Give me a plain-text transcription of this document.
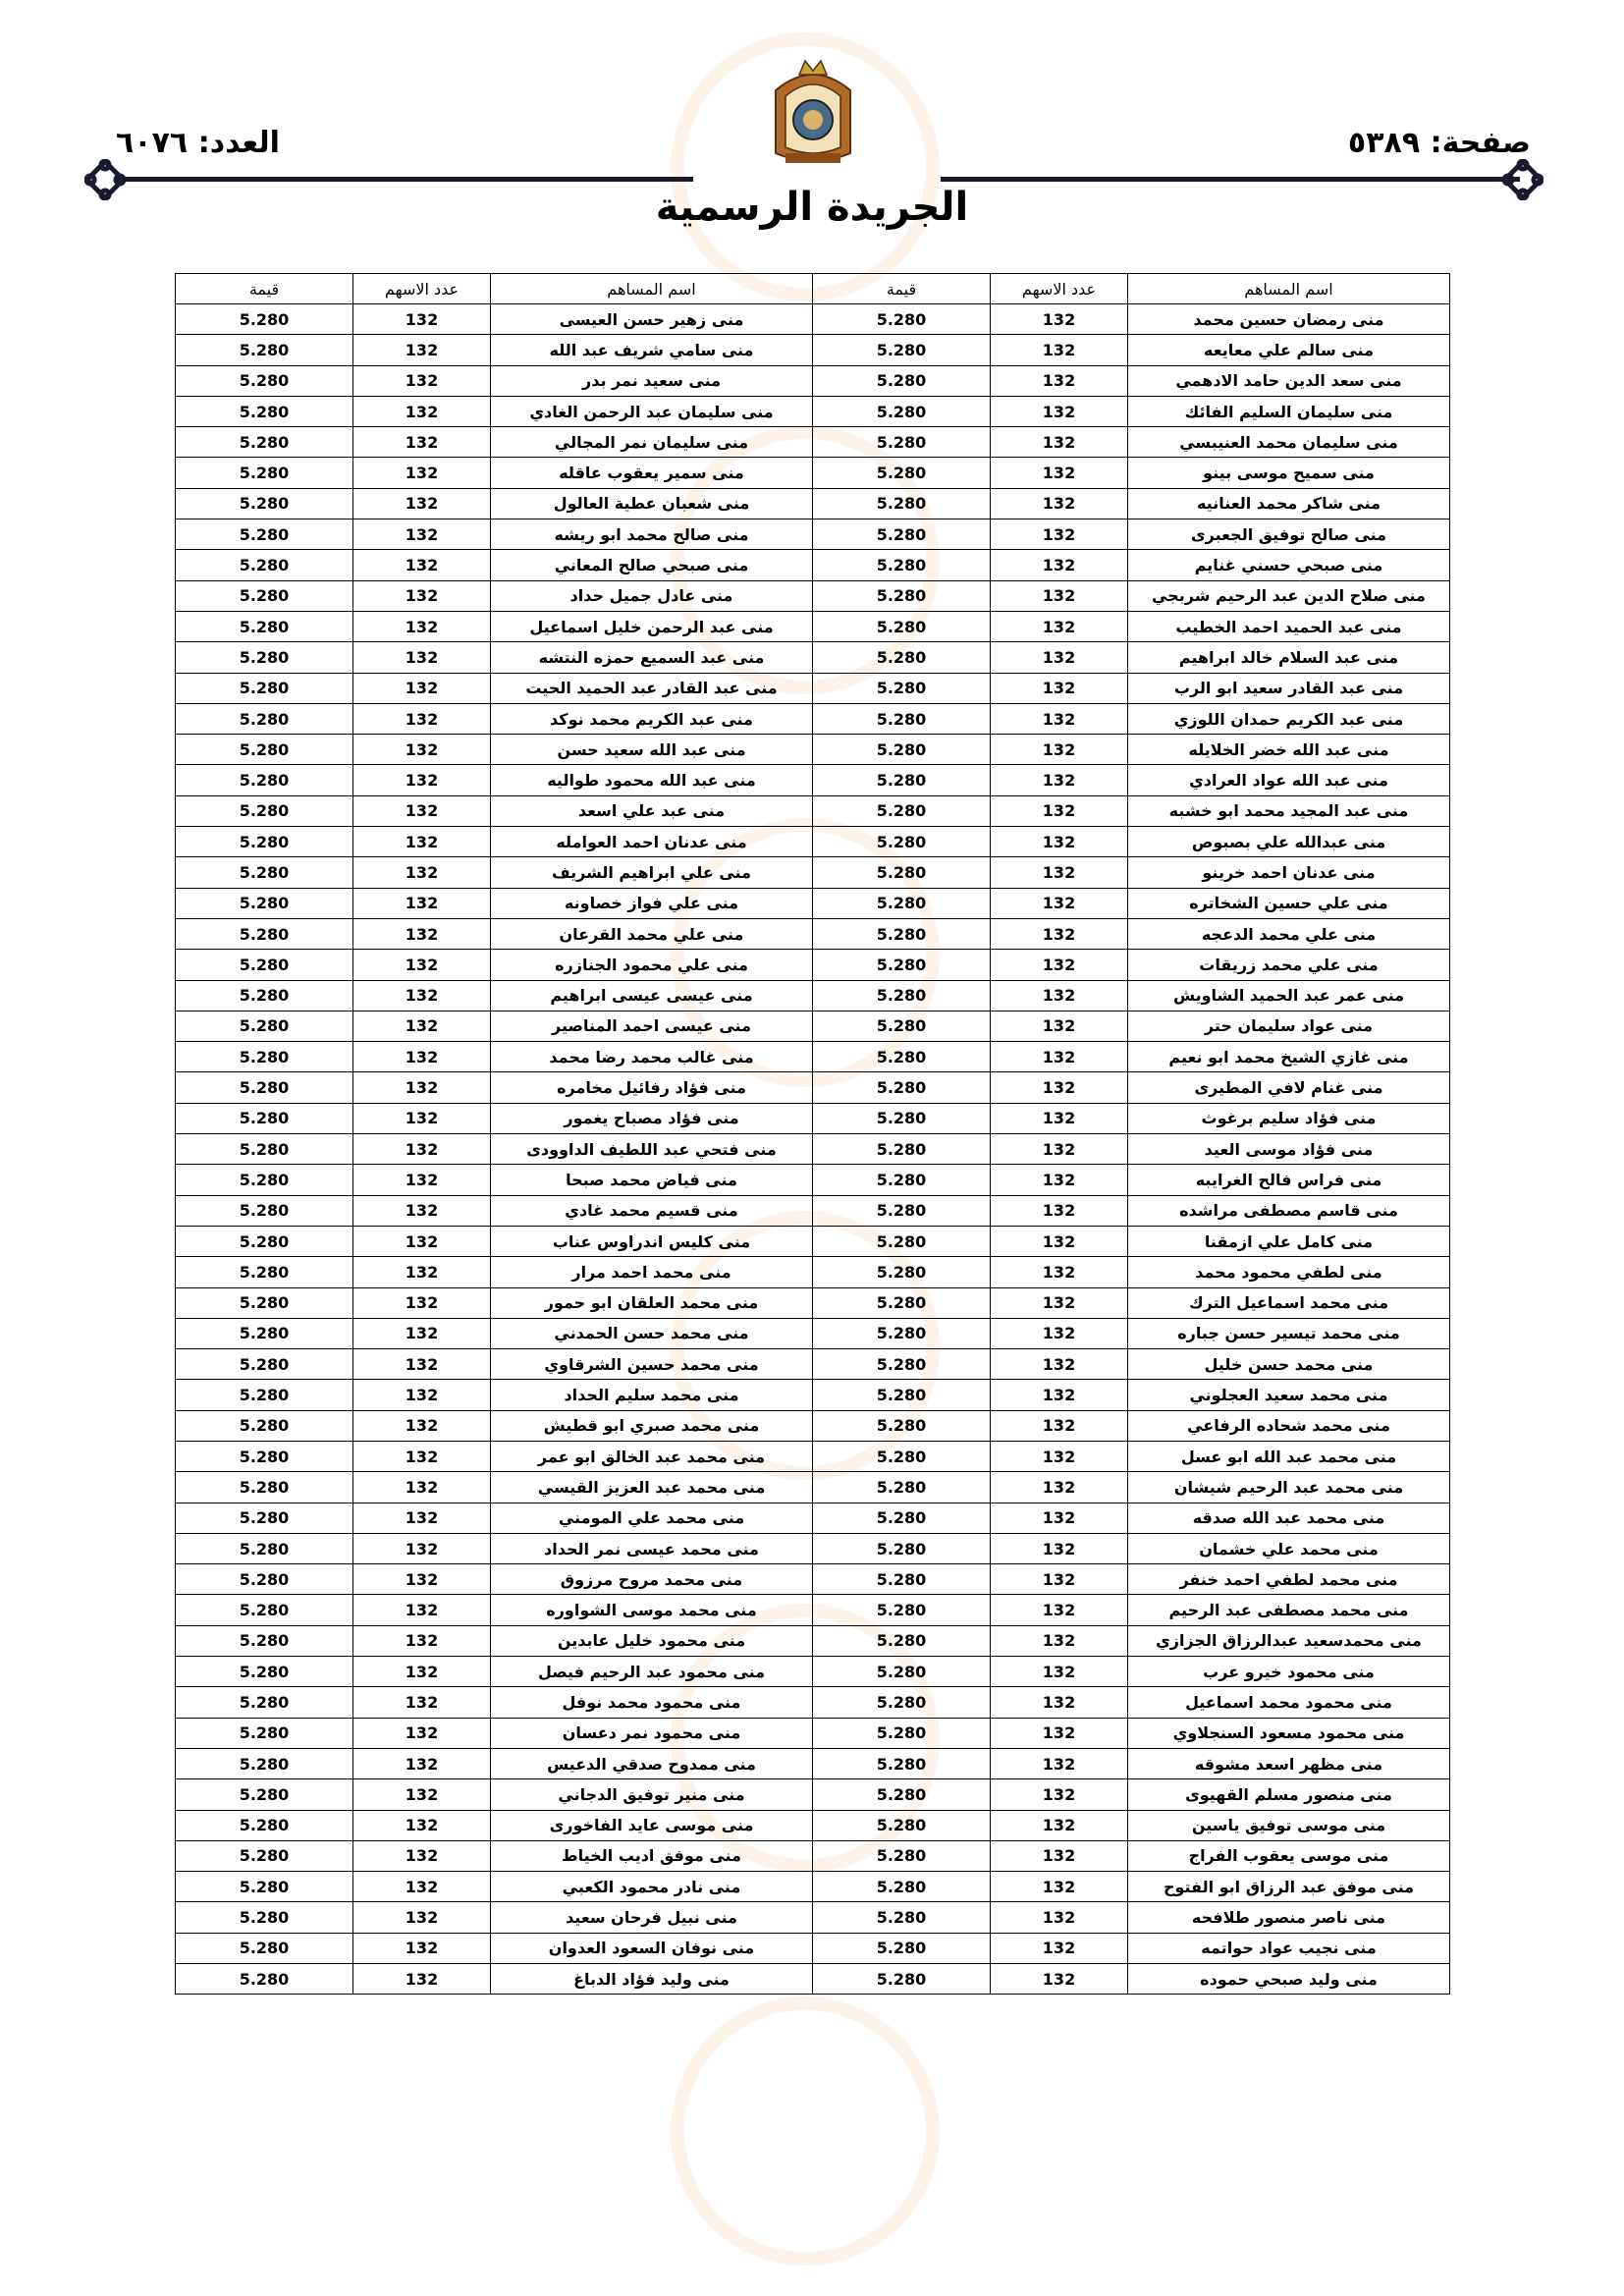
صفحة: ٥٣٨٩
العدد: ٦٠٧٦
الجريدة الرسمية
اسم المساهم	عدد الاسهم	قيمة	اسم المساهم	عدد الاسهم	قيمة
منى رمضان حسين محمد	132	5.280	منى زهير حسن العيسى	132	5.280
منى سالم علي معايعه	132	5.280	منى سامي شريف عبد الله	132	5.280
منى سعد الدين حامد الادهمي	132	5.280	منى سعيد نمر بدر	132	5.280
منى سليمان السليم الفائك	132	5.280	منى سليمان عبد الرحمن الغادي	132	5.280
منى سليمان محمد العنيبسي	132	5.280	منى سليمان نمر المجالي	132	5.280
منى سميح موسى بينو	132	5.280	منى سمير يعقوب عاقله	132	5.280
منى شاكر محمد العنانيه	132	5.280	منى شعبان عطية العالول	132	5.280
منى صالح توفيق الجعبرى	132	5.280	منى صالح محمد ابو ريشه	132	5.280
منى صبحي حسني غنايم	132	5.280	منى صبحي صالح المعاني	132	5.280
منى صلاح الدين عبد الرحيم شربجي	132	5.280	منى عادل جميل حداد	132	5.280
منى عبد الحميد احمد الخطيب	132	5.280	منى عبد الرحمن خليل اسماعيل	132	5.280
منى عبد السلام خالد ابراهيم	132	5.280	منى عبد السميع حمزه النتشه	132	5.280
منى عبد القادر سعيد ابو الرب	132	5.280	منى عبد القادر عبد الحميد الحيت	132	5.280
منى عبد الكريم حمدان اللوزي	132	5.280	منى عبد الكريم محمد نوكد	132	5.280
منى عبد الله خضر الخلايله	132	5.280	منى عبد الله سعيد حسن	132	5.280
منى عبد الله عواد العرادي	132	5.280	منى عبد الله محمود طواليه	132	5.280
منى عبد المجيد محمد ابو خشبه	132	5.280	منى عبد علي اسعد	132	5.280
منى عبدالله علي بصبوص	132	5.280	منى عدنان احمد العوامله	132	5.280
منى عدنان احمد خرينو	132	5.280	منى علي ابراهيم الشريف	132	5.280
منى علي حسين الشخاتره	132	5.280	منى علي فواز خصاونه	132	5.280
منى علي محمد الدعجه	132	5.280	منى علي محمد القرعان	132	5.280
منى علي محمد زريقات	132	5.280	منى علي محمود الجنازره	132	5.280
منى عمر عبد الحميد الشاويش	132	5.280	منى عيسى عيسى ابراهيم	132	5.280
منى عواد سليمان حتر	132	5.280	منى عيسى احمد المناصير	132	5.280
منى غازي الشيخ محمد ابو نعيم	132	5.280	منى غالب محمد رضا محمد	132	5.280
منى غنام لافي المطيرى	132	5.280	منى فؤاد رفائيل مخامره	132	5.280
منى فؤاد سليم برغوث	132	5.280	منى فؤاد مصباح يغمور	132	5.280
منى فؤاد موسى العيد	132	5.280	منى فتحي عبد اللطيف الداوودى	132	5.280
منى فراس فالح الغرايبه	132	5.280	منى فياض محمد صبحا	132	5.280
منى قاسم مصطفى مراشده	132	5.280	منى قسيم محمد غادي	132	5.280
منى كامل علي ازمقنا	132	5.280	منى كليس اندراوس عناب	132	5.280
منى لطفي محمود محمد	132	5.280	منى محمد احمد مرار	132	5.280
منى محمد اسماعيل الترك	132	5.280	منى محمد العلقان ابو حمور	132	5.280
منى محمد تيسير حسن جباره	132	5.280	منى محمد حسن الحمدني	132	5.280
منى محمد حسن خليل	132	5.280	منى محمد حسين الشرقاوي	132	5.280
منى محمد سعيد العجلوني	132	5.280	منى محمد سليم الحداد	132	5.280
منى محمد شحاده الرفاعي	132	5.280	منى محمد صبري ابو قطيش	132	5.280
منى محمد عبد الله ابو عسل	132	5.280	منى محمد عبد الخالق ابو عمر	132	5.280
منى محمد عبد الرحيم شيشان	132	5.280	منى محمد عبد العزيز القيسي	132	5.280
منى محمد عبد الله صدقه	132	5.280	منى محمد علي المومني	132	5.280
منى محمد علي خشمان	132	5.280	منى محمد عيسى نمر الحداد	132	5.280
منى محمد لطفي احمد خنفر	132	5.280	منى محمد مروح مرزوق	132	5.280
منى محمد مصطفى عبد الرحيم	132	5.280	منى محمد موسى الشواوره	132	5.280
منى محمدسعيد عبدالرزاق الجزازي	132	5.280	منى محمود خليل عابدين	132	5.280
منى محمود خيرو عرب	132	5.280	منى محمود عبد الرحيم فيصل	132	5.280
منى محمود محمد اسماعيل	132	5.280	منى محمود محمد نوفل	132	5.280
منى محمود مسعود السنجلاوي	132	5.280	منى محمود نمر دعسان	132	5.280
منى مظهر اسعد مشوقه	132	5.280	منى ممدوح صدقي الدعيس	132	5.280
منى منصور مسلم القهيوى	132	5.280	منى منير توفيق الدجاني	132	5.280
منى موسى توفيق ياسين	132	5.280	منى موسى عايد الفاخورى	132	5.280
منى موسى يعقوب الفراج	132	5.280	منى موفق اديب الخياط	132	5.280
منى موفق عبد الرزاق ابو الفتوح	132	5.280	منى نادر محمود الكعبي	132	5.280
منى ناصر منصور طلافحه	132	5.280	منى نبيل فرحان سعيد	132	5.280
منى نجيب عواد حواتمه	132	5.280	منى نوفان السعود العدوان	132	5.280
منى وليد صبحي حموده	132	5.280	منى وليد فؤاد الدباغ	132	5.280
